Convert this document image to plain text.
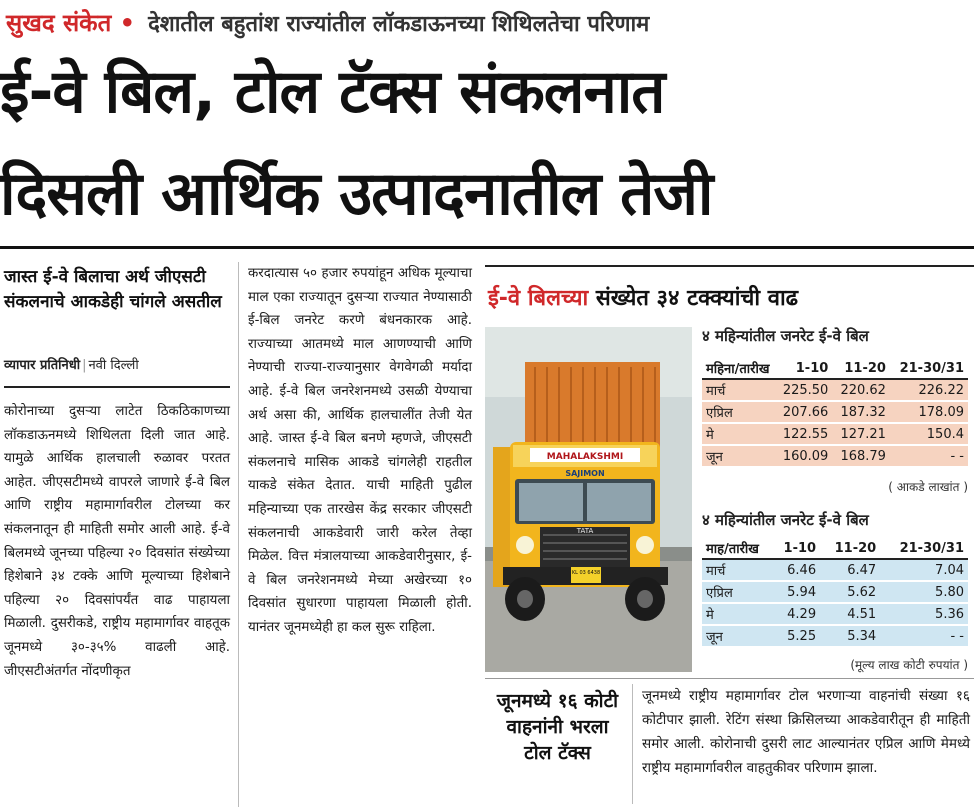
सुखद संकेत • देशातील बहुतांश राज्यांतील लॉकडाऊनच्या शिथिलतेचा परिणाम
ई-वे बिल, टोल टॅक्स संकलनात
दिसली आर्थिक उत्पादनातील तेजी
जास्त ई-वे बिलाचा अर्थ जीएसटी संकलनाचे आकडेही चांगले असतील
व्यापार प्रतिनिधी | नवी दिल्ली
कोरोनाच्या दुसऱ्या लाटेत ठिकठिकाणच्या लॉकडाऊनमध्ये शिथिलता दिली जात आहे. यामुळे आर्थिक हालचाली रुळावर परतत आहेत. जीएसटीमध्ये वापरले जाणारे ई-वे बिल आणि राष्ट्रीय महामार्गावरील टोलच्या कर संकलनातून ही माहिती समोर आली आहे. ई-वे बिलमध्ये जूनच्या पहिल्या २० दिवसांत संख्येच्या हिशेबाने ३४ टक्के आणि मूल्याच्या हिशेबाने पहिल्या २० दिवसांपर्यंत वाढ पाहायला मिळाली. दुसरीकडे, राष्ट्रीय महामार्गावर वाहतूक जूनमध्ये ३०-३५% वाढली आहे. जीएसटीअंतर्गत नोंदणीकृत
करदात्यास ५० हजार रुपयांहून अधिक मूल्याचा माल एका राज्यातून दुसऱ्या राज्यात नेण्यासाठी ई-बिल जनरेट करणे बंधनकारक आहे. राज्याच्या आतमध्ये माल आणण्याची आणि नेण्याची राज्या-राज्यानुसार वेगवेगळी मर्यादा आहे. ई-वे बिल जनरेशनमध्ये उसळी येण्याचा अर्थ असा की, आर्थिक हालचालींत तेजी येत आहे. जास्त ई-वे बिल बनणे म्हणजे, जीएसटी संकलनाचे मासिक आकडे चांगलेही राहतील याकडे संकेत देतात. याची माहिती पुढील महिन्याच्या एक तारखेस केंद्र सरकार जीएसटी संकलनाची आकडेवारी जारी करेल तेव्हा मिळेल. वित्त मंत्रालयाच्या आकडेवारीनुसार, ई-वे बिल जनरेशनमध्ये मेच्या अखेरच्या १० दिवसांत सुधारणा पाहायला मिळाली होती. यानंतर जूनमध्येही हा कल सुरू राहिला.
ई-वे बिलच्या संख्येत ३४ टक्क्यांची वाढ
MAHALAKSHMI
SAJIMON
TATA
KL 03 6438
४ महिन्यांतील जनरेट ई-वे बिल
महिना/तारीख	1-10	11-20	21-30/31
मार्च	225.50	220.62	226.22
एप्रिल	207.66	187.32	178.09
मे	122.55	127.21	150.4
जून	160.09	168.79	- -
( आकडे लाखांत )
४ महिन्यांतील जनरेट ई-वे बिल
माह/तारीख	1-10	11-20	21-30/31
मार्च	6.46	6.47	7.04
एप्रिल	5.94	5.62	5.80
मे	4.29	4.51	5.36
जून	5.25	5.34	- -
(मूल्य लाख कोटी रुपयांत )
जूनमध्ये १६ कोटी वाहनांनी भरला टोल टॅक्स
जूनमध्ये राष्ट्रीय महामार्गावर टोल भरणाऱ्या वाहनांची संख्या १६ कोटीपार झाली. रेटिंग संस्था क्रिसिलच्या आकडेवारीतून ही माहिती समोर आली. कोरोनाची दुसरी लाट आल्यानंतर एप्रिल आणि मेमध्ये राष्ट्रीय महामार्गावरील वाहतुकीवर परिणाम झाला.
